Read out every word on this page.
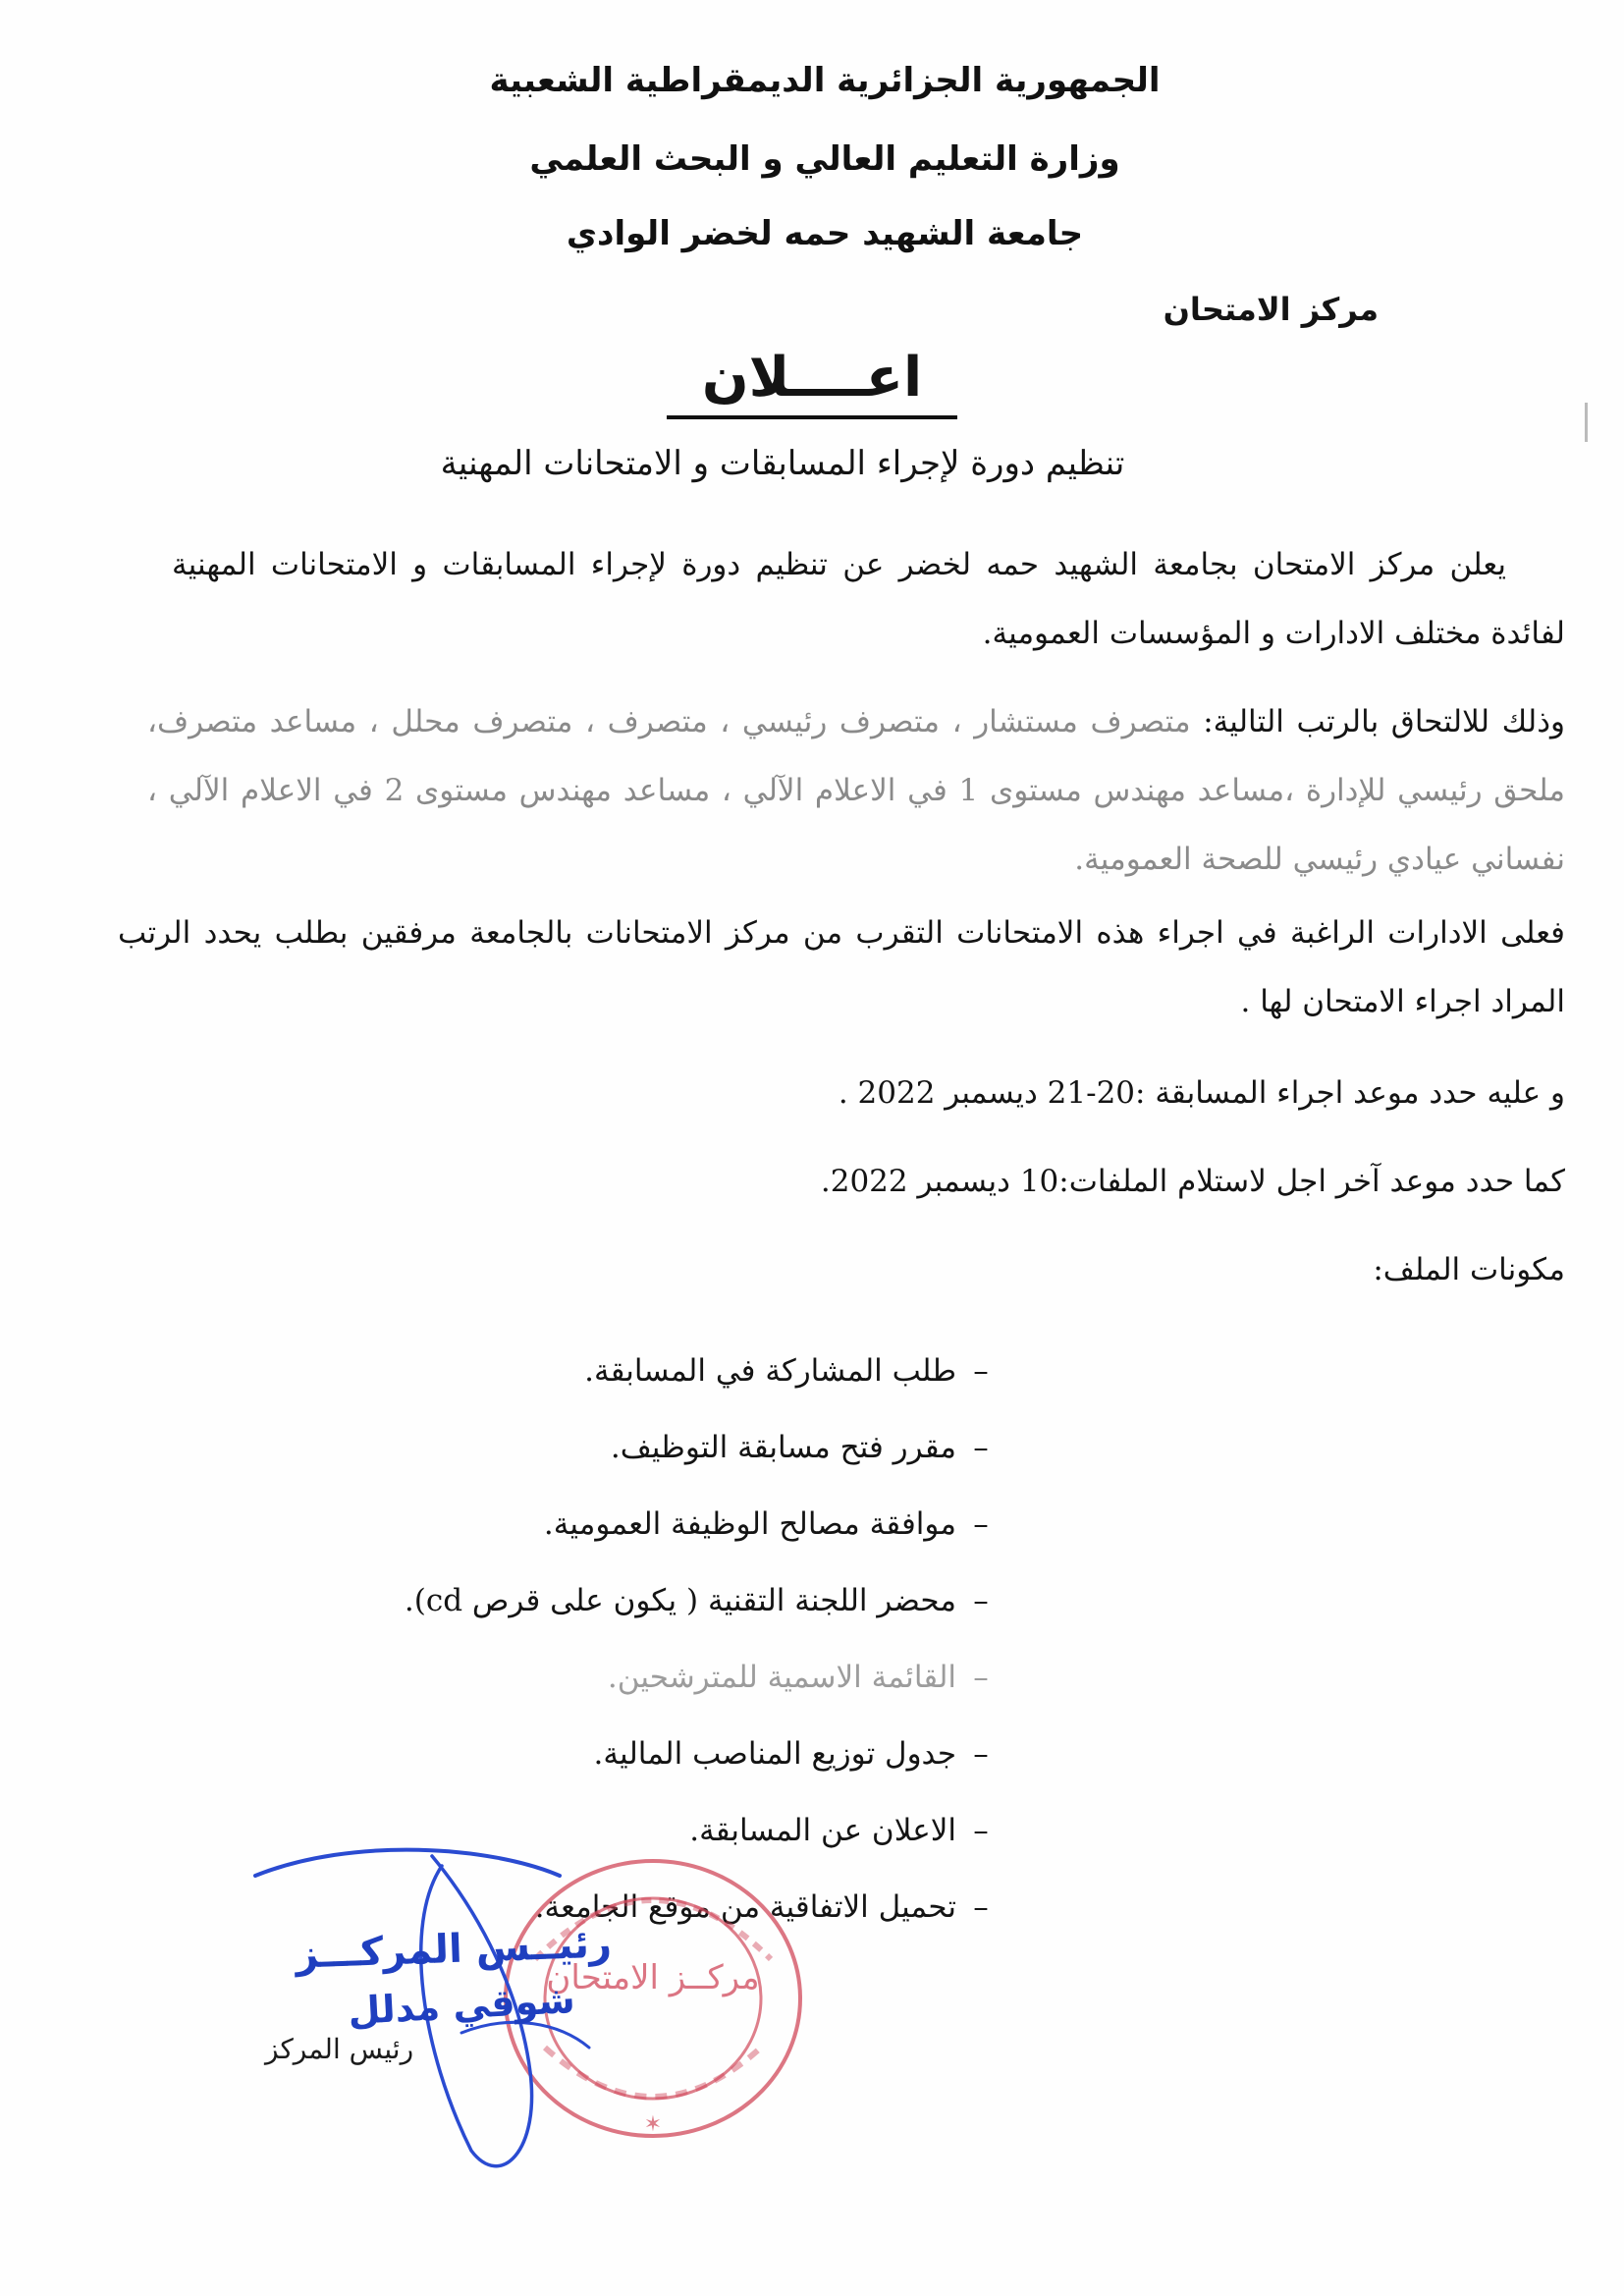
الجمهورية الجزائرية الديمقراطية الشعبية
وزارة التعليم العالي و البحث العلمي
جامعة الشهيد حمه لخضر الوادي
مركز الامتحان
اعــــلان
تنظيم دورة لإجراء المسابقات و الامتحانات المهنية
يعلن مركز الامتحان بجامعة الشهيد حمه لخضر عن تنظيم دورة لإجراء المسابقات و الامتحانات المهنية لفائدة مختلف الادارات و المؤسسات العمومية.
وذلك للالتحاق بالرتب التالية: متصرف مستشار ، متصرف رئيسي ، متصرف ، متصرف محلل ، مساعد متصرف، ملحق رئيسي للإدارة ،مساعد مهندس مستوى 1 في الاعلام الآلي ، مساعد مهندس مستوى 2 في الاعلام الآلي ، نفساني عيادي رئيسي للصحة العمومية.
فعلى الادارات الراغبة في اجراء هذه الامتحانات التقرب من مركز الامتحانات بالجامعة مرفقين بطلب يحدد الرتب المراد اجراء الامتحان لها .
و عليه حدد موعد اجراء المسابقة :20-21 ديسمبر 2022 .
كما حدد موعد آخر اجل لاستلام الملفات:10 ديسمبر 2022.
مكونات الملف:
–طلب المشاركة في المسابقة.
–مقرر فتح مسابقة التوظيف.
–موافقة مصالح الوظيفة العمومية.
–محضر اللجنة التقنية ( يكون على قرص cd).
–القائمة الاسمية للمترشحين.
–جدول توزيع المناصب المالية.
–الاعلان عن المسابقة.
–تحميل الاتفاقية من موقع الجامعة.
مركــز الامتحان
✶
رئيــس المركـــز
شوقي مدلل
رئيس المركز
